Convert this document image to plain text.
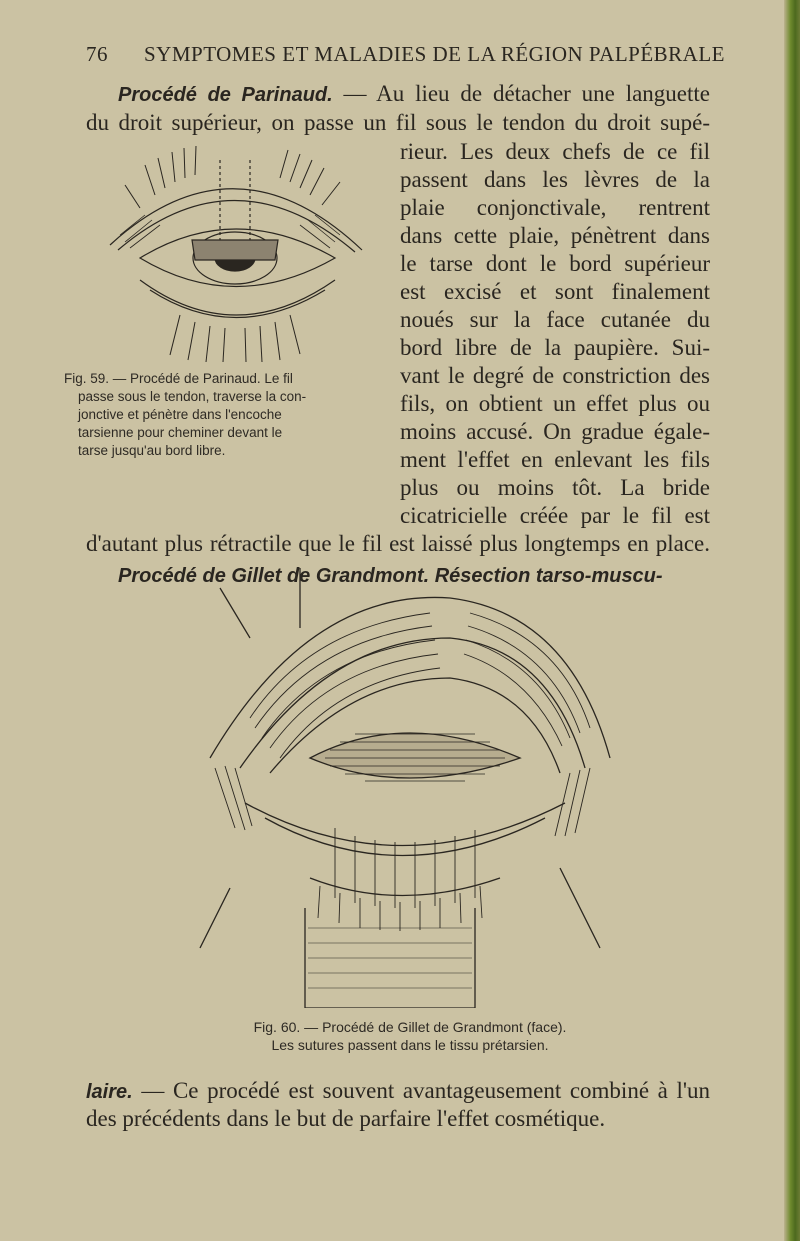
76 SYMPTOMES ET MALADIES DE LA RÉGION PALPÉBRALE
Procédé de Parinaud. — Au lieu de détacher une languette
du droit supérieur, on passe un fil sous le tendon du droit supé-
rieur. Les deux chefs de ce fil
passent dans les lèvres de la
plaie conjonctivale, rentrent
dans cette plaie, pénètrent dans
le tarse dont le bord supérieur
est excisé et sont finalement
noués sur la face cutanée du
bord libre de la paupière. Sui-
vant le degré de constriction des
fils, on obtient un effet plus ou
moins accusé. On gradue égale-
ment l'effet en enlevant les fils
plus ou moins tôt. La bride
cicatricielle créée par le fil est
d'autant plus rétractile que le fil est laissé plus longtemps en place.
Procédé de Gillet de Grandmont. Résection tarso-muscu-
Fig. 59. — Procédé de Parinaud. Le fil

passe sous le tendon, traverse la con-
jonctive et pénètre dans l'encoche
tarsienne pour cheminer devant le
tarse jusqu'au bord libre.
Fig. 60. — Procédé de Gillet de Grandmont (face).
Les sutures passent dans le tissu prétarsien.
laire. — Ce procédé est souvent avantageusement combiné à l'un
des précédents dans le but de parfaire l'effet cosmétique.
